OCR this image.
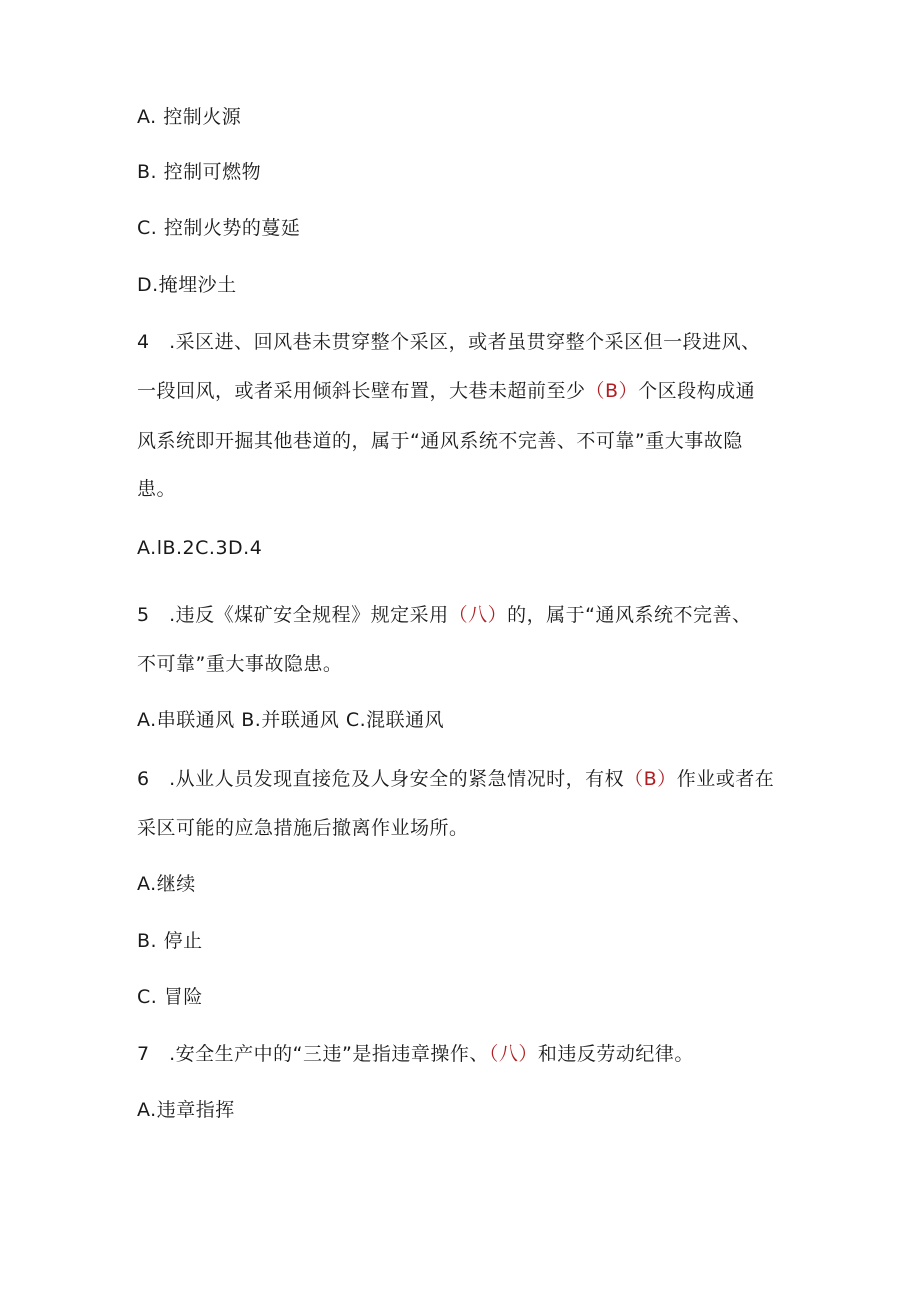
A. 控制火源
B. 控制可燃物
C. 控制火势的蔓延
D.掩埋沙土
4　.采区进、回风巷未贯穿整个采区，或者虽贯穿整个采区但一段进风、
一段回风，或者采用倾斜长壁布置，大巷未超前至少（B）个区段构成通
风系统即开掘其他巷道的，属于“通风系统不完善、不可靠”重大事故隐
患。
A.lB.2C.3D.4
5　.违反《煤矿安全规程》规定采用（八）的，属于“通风系统不完善、
不可靠”重大事故隐患。
A.串联通风 B.并联通风 C.混联通风
6　.从业人员发现直接危及人身安全的紧急情况时，有权（B）作业或者在
采区可能的应急措施后撤离作业场所。
A.继续
B. 停止
C. 冒险
7　.安全生产中的“三违”是指违章操作、（八）和违反劳动纪律。
A.违章指挥
